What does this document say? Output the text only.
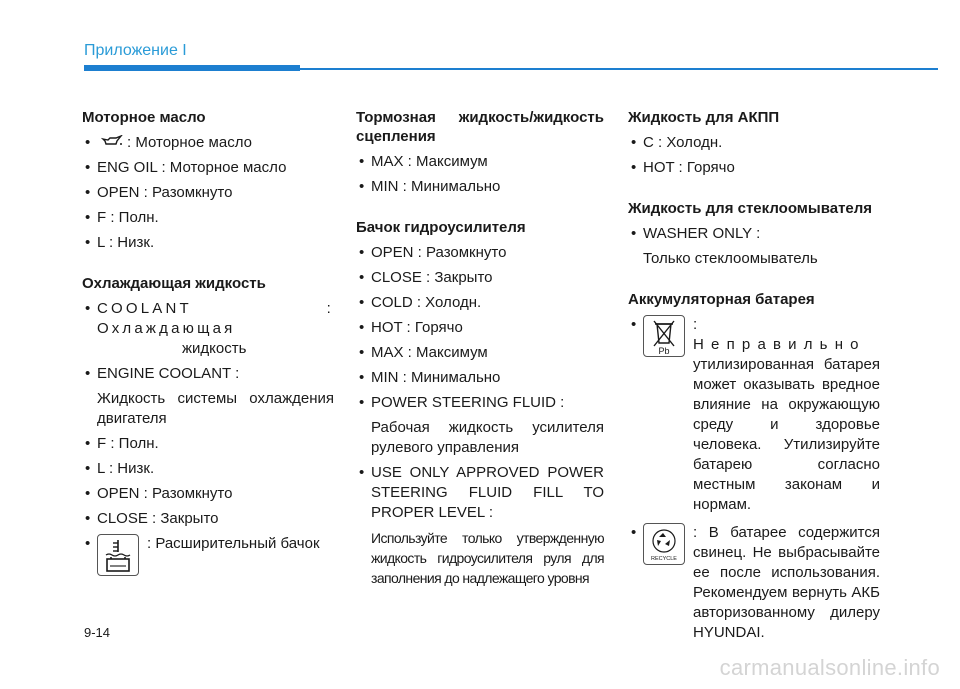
Приложение I
Моторное масло
• : Моторное масло
• ENG OIL : Моторное масло
• OPEN : Разомкнуто
• F : Полн.
• L : Низк.
Охлаждающая жидкость
• COOLANT : Охлаждающая
жидкость
• ENGINE COOLANT :
Жидкость системы охлаждения двигателя
• F : Полн.
• L : Низк.
• OPEN : Разомкнуто
• CLOSE : Закрыто
• : Расширительный бачок
Тормозная жидкость/жидкость сцепления
• MAX : Максимум
• MIN : Минимально
Бачок гидроусилителя
• OPEN : Разомкнуто
• CLOSE : Закрыто
• COLD : Холодн.
• HOT : Горячо
• MAX : Максимум
• MIN : Минимально
• POWER STEERING FLUID :
Рабочая жидкость усилителя рулевого управления
• USE ONLY APPROVED POWER STEERING FLUID FILL TO PROPER LEVEL :
Используйте только утвержденную жидкость гидроусилителя руля для заполнения до надлежащего уровня
Жидкость для АКПП
• C : Холодн.
• HOT : Горячо
Жидкость для стеклоомывателя
• WASHER ONLY :
Только стеклоомыватель
Аккумуляторная батарея
• Pb
: Неправильно
утилизированная батарея может оказывать вредное влияние на окружающую среду и здоровье человека. Утилизируйте батарею согласно местным законам и нормам.
• RECYCLE
: В батарее содержится свинец. Не выбрасывайте ее после использования. Рекомендуем вернуть АКБ авторизованному дилеру HYUNDAI.
9-14
carmanualsonline.info
